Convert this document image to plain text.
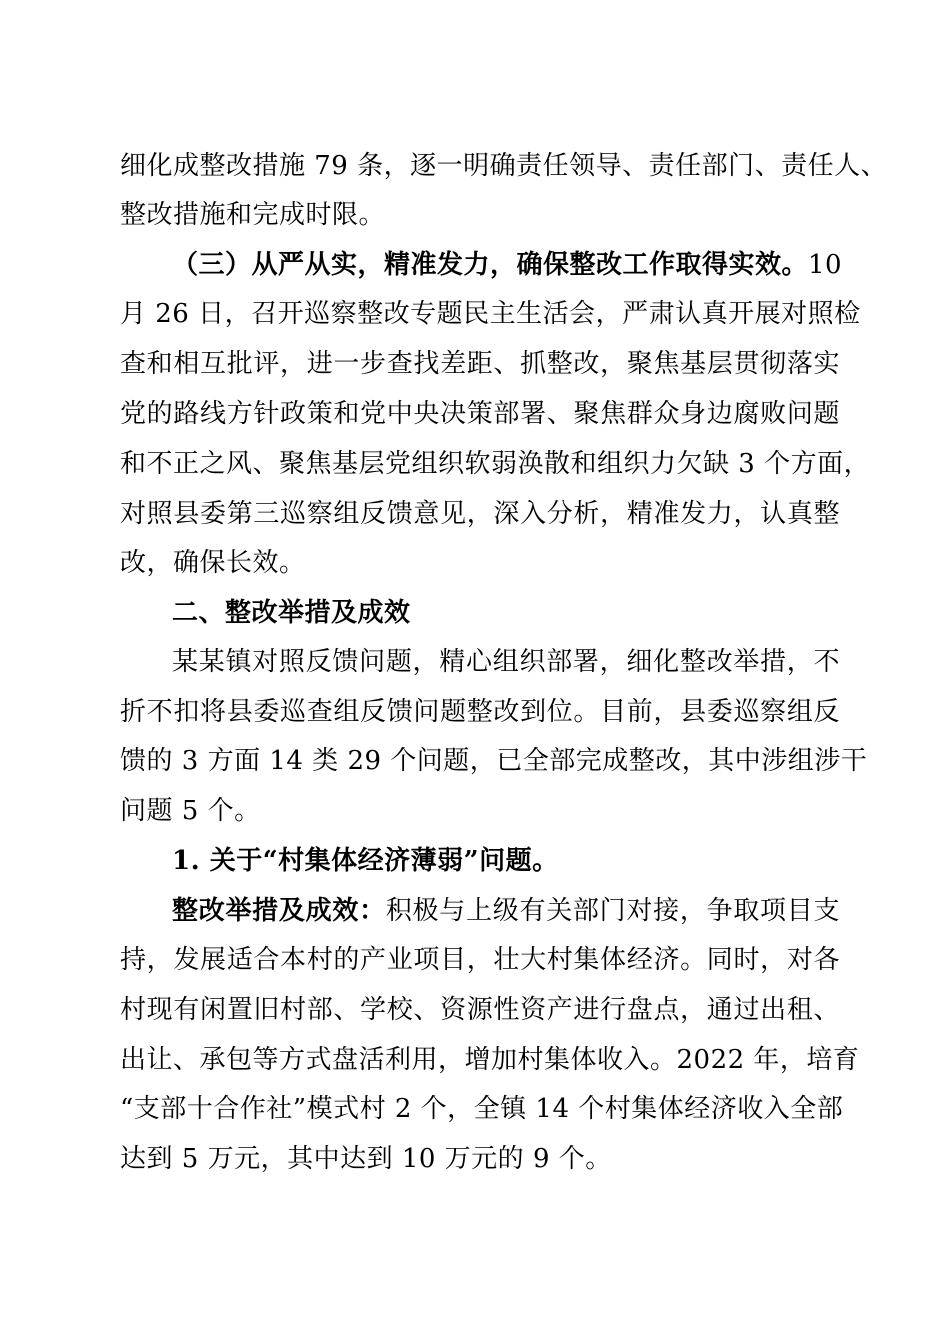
细化成整改措施 79 条，逐一明确责任领导、责任部门、责任人、
整改措施和完成时限。
（三）从严从实，精准发力，确保整改工作取得实效。10
月 26 日，召开巡察整改专题民主生活会，严肃认真开展对照检
查和相互批评，进一步查找差距、抓整改，聚焦基层贯彻落实
党的路线方针政策和党中央决策部署、聚焦群众身边腐败问题
和不正之风、聚焦基层党组织软弱涣散和组织力欠缺 3 个方面，
对照县委第三巡察组反馈意见，深入分析，精准发力，认真整
改，确保长效。
二、整改举措及成效
某某镇对照反馈问题，精心组织部署，细化整改举措，不
折不扣将县委巡查组反馈问题整改到位。目前，县委巡察组反
馈的 3 方面 14 类 29 个问题，已全部完成整改，其中涉组涉干
问题 5 个。
1. 关于“村集体经济薄弱”问题。
整改举措及成效：积极与上级有关部门对接，争取项目支
持，发展适合本村的产业项目，壮大村集体经济。同时，对各
村现有闲置旧村部、学校、资源性资产进行盘点，通过出租、
出让、承包等方式盘活利用，增加村集体收入。2022 年，培育
“支部十合作社”模式村 2 个，全镇 14 个村集体经济收入全部
达到 5 万元，其中达到 10 万元的 9 个。
